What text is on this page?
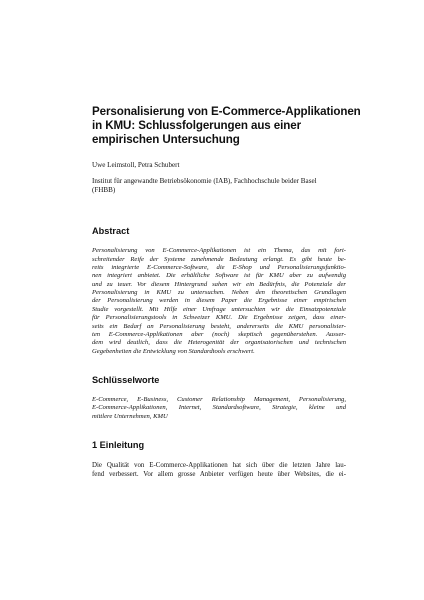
Personalisierung von E-Commerce-Applikationen
in KMU: Schlussfolgerungen aus einer
empirischen Untersuchung

Uwe Leimstoll, Petra Schubert

Institut für angewandte Betriebsökonomie (IAB), Fachhochschule beider Basel
(FHBB)

Abstract

Personalisierung von E-Commerce-Applikationen ist ein Thema, das mit fort-
schreitender Reife der Systeme zunehmende Bedeutung erlangt. Es gibt heute be-
reits integrierte E-Commerce-Software, die E-Shop und Personalisierungsfunktio-
nen integriert anbietet. Die erhältliche Software ist für KMU aber zu aufwendig
und zu teuer. Vor diesem Hintergrund sahen wir ein Bedürfnis, die Potenziale der
Personalisierung in KMU zu untersuchen. Neben den theoretischen Grundlagen
der Personalisierung werden in diesem Paper die Ergebnisse einer empirischen
Studie vorgestellt. Mit Hilfe einer Umfrage untersuchten wir die Einsatzpotenziale
für Personalisierungstools in Schweizer KMU. Die Ergebnisse zeigen, dass einer-
seits ein Bedarf an Personalisierung besteht, andererseits die KMU personalisier-
ten E-Commerce-Applikationen aber (noch) skeptisch gegenüberstehen. Ausser-
dem wird deutlich, dass die Heterogenität der organisatorischen und technischen
Gegebenheiten die Entwicklung von Standardtools erschwert.

Schlüsselworte

E-Commerce, E-Business, Customer Relationship Management, Personalisierung,
E-Commerce-Applikationen, Internet, Standardsoftware, Strategie, kleine und
mittlere Unternehmen, KMU

1 Einleitung

Die Qualität von E-Commerce-Applikationen hat sich über die letzten Jahre lau-
fend verbessert. Vor allem grosse Anbieter verfügen heute über Websites, die ei-
